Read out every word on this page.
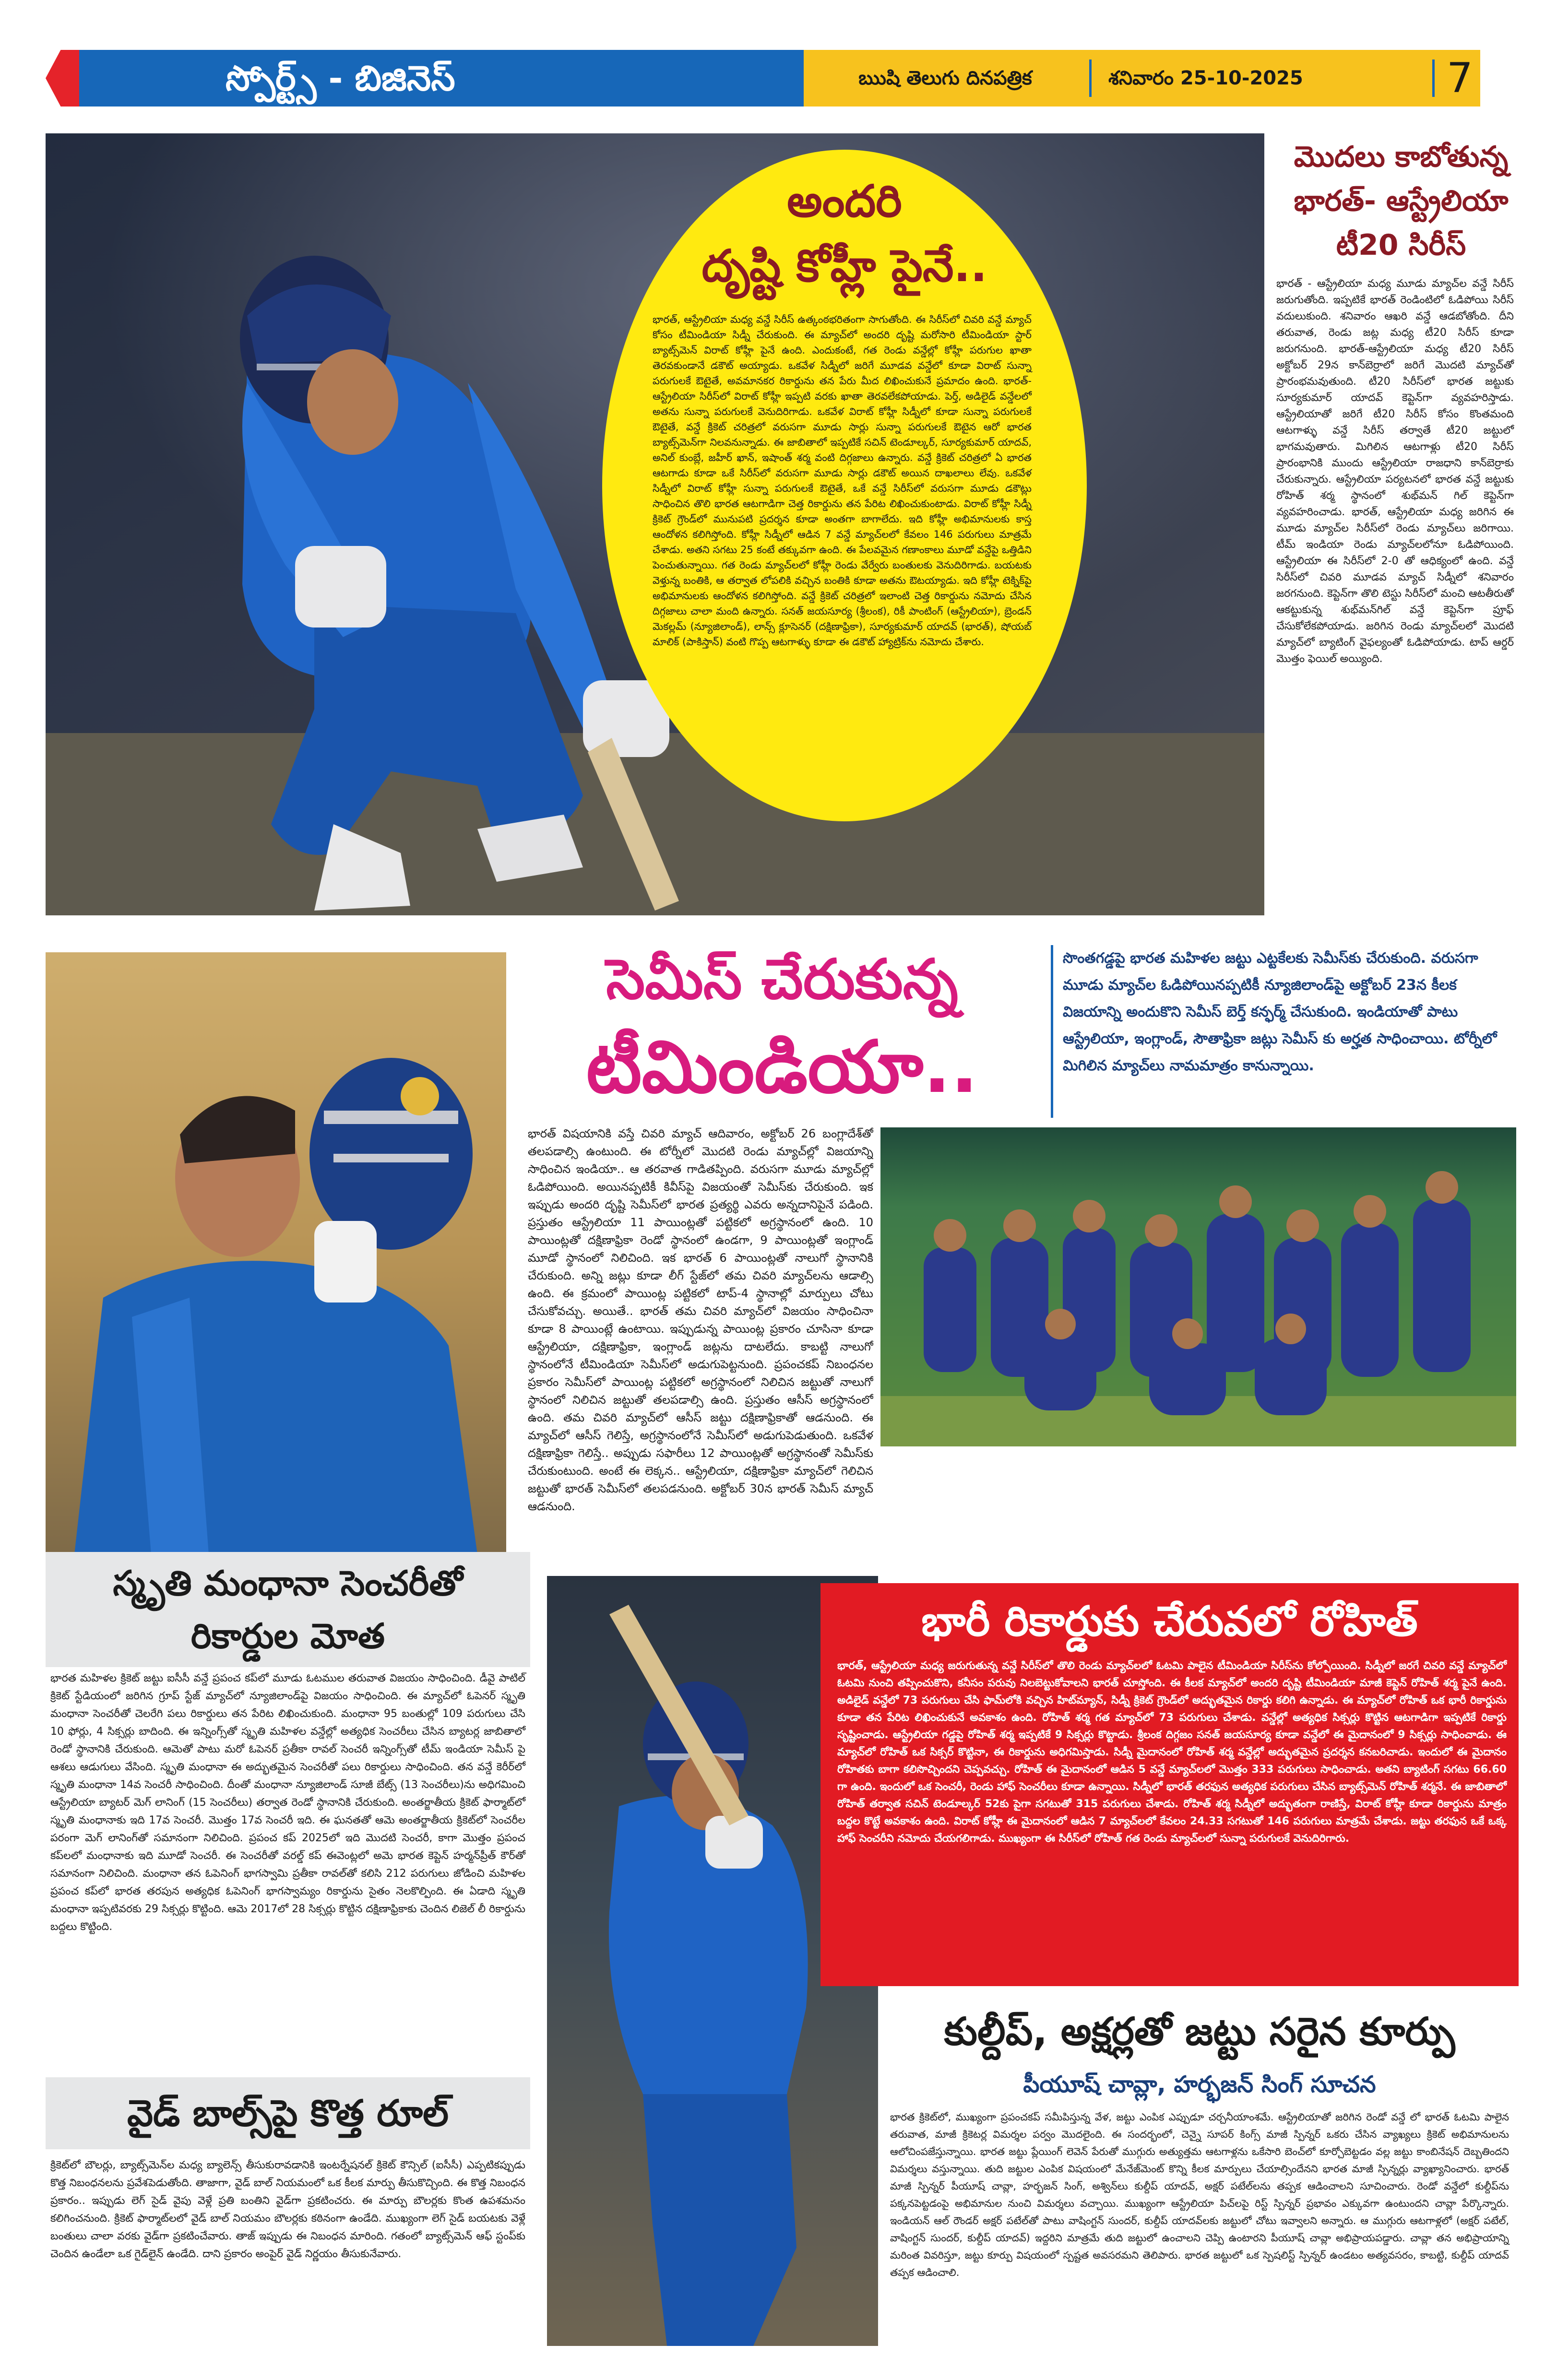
స్పోర్ట్స్ - బిజినెస్	ఋషి తెలుగు దినపత్రిక	శనివారం 25-10-2025	7
అందరి
దృష్టి కోహ్లీ పైనే..

భారత్, ఆస్ట్రేలియా మధ్య వన్డే సిరీస్ ఉత్కంఠభరితంగా సాగుతోంది. ఈ సిరీస్‌లో చివరి వన్డే మ్యాచ్ కోసం టీమిండియా సిడ్నీ చేరుకుంది. ఈ మ్యాచ్‌లో అందరి దృష్టి మరోసారి టీమిండియా స్టార్ బ్యాట్స్‌మెన్ విరాట్ కోహ్లీ పైనే ఉంది. ఎందుకంటే, గత రెండు వన్డేల్లో కోహ్లీ పరుగుల ఖాతా తెరవకుండానే డకౌట్ అయ్యాడు. ఒకవేళ సిడ్నీలో జరిగే మూడవ వన్డేలో కూడా విరాట్ సున్నా పరుగులకే ఔటైతే, అవమానకర రికార్డును తన పేరు మీద లిఖించుకునే ప్రమాదం ఉంది. భారత్-ఆస్ట్రేలియా సిరీస్‌లో విరాట్ కోహ్లీ ఇప్పటి వరకు ఖాతా తెరవలేకపోయాడు. పెర్త్, అడిలైడ్ వన్డేలలో అతను సున్నా పరుగులకే వెనుదిరిగాడు. ఒకవేళ విరాట్ కోహ్లీ సిడ్నీలో కూడా సున్నా పరుగులకే ఔటైతే, వన్డే క్రికెట్ చరిత్రలో వరుసగా మూడు సార్లు సున్నా పరుగులకే ఔటైన ఆరో భారత బ్యాట్స్‌మెన్‌గా నిలవనున్నాడు. ఈ జాబితాలో ఇప్పటికే సచిన్ టెండూల్కర్, సూర్యకుమార్ యాదవ్, అనిల్ కుంబ్లే, జహీర్ ఖాన్, ఇషాంత్ శర్మ వంటి దిగ్గజాలు ఉన్నారు. వన్డే క్రికెట్ చరిత్రలో ఏ భారత ఆటగాడు కూడా ఒకే సిరీస్‌లో వరుసగా మూడు సార్లు డకౌట్ అయిన దాఖలాలు లేవు. ఒకవేళ సిడ్నీలో విరాట్ కోహ్లీ సున్నా పరుగులకే ఔటైతే, ఒకే వన్డే సిరీస్‌లో వరుసగా మూడు డకౌట్లు సాధించిన తొలి భారత ఆటగాడిగా చెత్త రికార్డును తన పేరిట లిఖించుకుంటాడు. విరాట్ కోహ్లీ సిడ్నీ క్రికెట్ గ్రౌండ్‌లో మునుపటి ప్రదర్శన కూడా అంతగా బాగాలేదు. ఇది కోహ్లీ అభిమానులకు కాస్త ఆందోళన కలిగిస్తోంది. కోహ్లీ సిడ్నీలో ఆడిన 7 వన్డే మ్యాచ్‌లలో కేవలం 146 పరుగులు మాత్రమే చేశాడు. అతని సగటు 25 కంటే తక్కువగా ఉంది. ఈ పేలవమైన గణాంకాలు మూడో వన్డేపై ఒత్తిడిని పెంచుతున్నాయి. గత రెండు మ్యాచ్‌లలో కోహ్లీ రెండు వేర్వేరు బంతులకు వెనుదిరిగాడు. బయటకు వెళ్తున్న బంతికి, ఆ తర్వాత లోపలికి వచ్చిన బంతికి కూడా అతను ఔటయ్యాడు. ఇది కోహ్లీ టెక్నిక్‌పై అభిమానులకు ఆందోళన కలిగిస్తోంది. వన్డే క్రికెట్ చరిత్రలో ఇలాంటి చెత్త రికార్డును నమోదు చేసిన దిగ్గజాలు చాలా మంది ఉన్నారు. సనత్ జయసూర్య (శ్రీలంక), రికీ పాంటింగ్ (ఆస్ట్రేలియా), బ్రెండన్ మెకల్లమ్ (న్యూజిలాండ్), లాన్స్ క్లూసెనర్ (దక్షిణాఫ్రికా), సూర్యకుమార్ యాదవ్ (భారత్), షోయబ్ మాలిక్ (పాకిస్తాన్) వంటి గొప్ప ఆటగాళ్ళు కూడా ఈ డకౌట్ హ్యాట్రిక్‌ను నమోదు చేశారు.

మొదలు కాబోతున్న
భారత్- ఆస్ట్రేలియా
టీ20 సిరీస్

భారత్ - ఆస్ట్రేలియా మధ్య మూడు మ్యాచ్‌ల వన్డే సిరీస్ జరుగుతోంది. ఇప్పటికే భారత్ రెండింటిలో ఓడిపోయి సిరీస్ వదులుకుంది. శనివారం ఆఖరి వన్డే ఆడబోతోంది. దీని తరువాత, రెండు జట్ల మధ్య టీ20 సిరీస్ కూడా జరుగనుంది. భారత్-ఆస్ట్రేలియా మధ్య టీ20 సిరీస్ అక్టోబర్ 29న కాన్‌బెర్రాలో జరిగే మొదటి మ్యాచ్‌తో ప్రారంభమవుతుంది. టీ20 సిరీస్‌లో భారత జట్టుకు సూర్యకుమార్ యాదవ్ కెప్టెన్‌గా వ్యవహరిస్తాడు. ఆస్ట్రేలియాతో జరిగే టీ20 సిరీస్ కోసం కొంతమంది ఆటగాళ్ళు వన్డే సిరీస్ తర్వాతే టీ20 జట్టులో భాగమవుతారు. మిగిలిన ఆటగాళ్లు టీ20 సిరీస్ ప్రారంభానికి ముందు ఆస్ట్రేలియా రాజధాని కాన్‌బెర్రాకు చేరుకున్నారు. ఆస్ట్రేలియా పర్యటనలో భారత వన్డే జట్టుకు రోహిత్ శర్మ స్థానంలో శుభ్‌మన్ గిల్ కెప్టెన్‌గా వ్యవహరించాడు. భారత్, ఆస్ట్రేలియా మధ్య జరిగిన ఈ మూడు మ్యాచ్‌ల సిరీస్‌లో రెండు మ్యాచ్‌లు జరిగాయి. టీమ్ ఇండియా రెండు మ్యాచ్‌లలోనూ ఓడిపోయింది. ఆస్ట్రేలియా ఈ సిరీస్‌లో 2-0 తో ఆధిక్యంలో ఉంది. వన్డే సిరీస్‌లో చివరి మూడవ మ్యాచ్ సిడ్నీలో శనివారం జరగనుంది. కెప్టెన్‌గా తొలి టెస్టు సిరీస్‌లో మంచి ఆటతీరుతో ఆకట్టుకున్న శుభ్‌మన్‌గిల్ వన్డే కెప్టెన్‌గా ప్రూఫ్ చేసుకోలేకపోయాడు. జరిగిన రెండు మ్యాచ్‌లలో మొదటి మ్యాచ్‌లో బ్యాటింగ్ వైఫల్యంతో ఓడిపోయాడు. టాప్ ఆర్డర్ మొత్తం ఫెయిల్ అయ్యింది.

సెమీస్ చేరుకున్న
టీమిండియా..

సొంతగడ్డపై భారత మహిళల జట్టు ఎట్టకేలకు సెమీస్‌కు చేరుకుంది. వరుసగా మూడు మ్యాచ్‌ల ఓడిపోయినప్పటికీ న్యూజిలాండ్‌పై అక్టోబర్ 23న కీలక విజయాన్ని అందుకొని సెమీస్ బెర్త్ కన్ఫర్మ్ చేసుకుంది. ఇండియాతో పాటు ఆస్ట్రేలియా, ఇంగ్లాండ్, సౌతాఫ్రికా జట్లు సెమీస్ కు అర్హత సాధించాయి. టోర్నీలో మిగిలిన మ్యాచ్‌లు నామమాత్రం కానున్నాయి.

భారత్ విషయానికి వస్తే చివరి మ్యాచ్ ఆదివారం, అక్టోబర్ 26 బంగ్లాదేశ్‌తో తలపడాల్సి ఉంటుంది. ఈ టోర్నీలో మొదటి రెండు మ్యాచ్‌ల్లో విజయాన్ని సాధించిన ఇండియా.. ఆ తరవాత గాడితప్పింది. వరుసగా మూడు మ్యాచ్‌ల్లో ఓడిపోయింది. అయినప్పటికీ కివీస్‌పై విజయంతో సెమీస్‌కు చేరుకుంది. ఇక ఇప్పుడు అందరి దృష్టి సెమీస్‌లో భారత ప్రత్యర్థి ఎవరు అన్నదానిపైనే పడింది. ప్రస్తుతం ఆస్ట్రేలియా 11 పాయింట్లతో పట్టికలో అగ్రస్థానంలో ఉంది. 10 పాయింట్లతో దక్షిణాఫ్రికా రెండో స్థానంలో ఉండగా, 9 పాయింట్లతో ఇంగ్లాండ్ మూడో స్థానంలో నిలిచింది. ఇక భారత్ 6 పాయింట్లతో నాలుగో స్థానానికి చేరుకుంది. అన్ని జట్లు కూడా లీగ్ స్టేజ్‌లో తమ చివరి మ్యాచ్‌లను ఆడాల్సి ఉంది. ఈ క్రమంలో పాయింట్ల పట్టికలో టాప్-4 స్థానాల్లో మార్పులు చోటు చేసుకోవచ్చు. అయితే.. భారత్ తమ చివరి మ్యాచ్‌లో విజయం సాధించినా కూడా 8 పాయింట్లే ఉంటాయి. ఇప్పుడున్న పాయింట్ల ప్రకారం చూసినా కూడా ఆస్ట్రేలియా, దక్షిణాఫ్రికా, ఇంగ్లాండ్ జట్లను దాటలేదు. కాబట్టి నాలుగో స్థానంలోనే టీమిండియా సెమీస్‌లో అడుగుపెట్టనుంది. ప్రపంచకప్ నిబంధనల ప్రకారం సెమీస్‌లో పాయింట్ల పట్టికలో అగ్రస్థానంలో నిలిచిన జట్టుతో నాలుగో స్థానంలో నిలిచిన జట్టుతో తలపడాల్సి ఉంది. ప్రస్తుతం ఆసీస్ అగ్రస్థానంలో ఉంది. తమ చివరి మ్యాచ్‌లో ఆసీస్ జట్టు దక్షిణాఫ్రికాతో ఆడనుంది. ఈ మ్యాచ్‌లో ఆసీస్ గెలిస్తే, అగ్రస్థానంలోనే సెమీస్‌లో అడుగుపెడుతుంది. ఒకవేళ దక్షిణాఫ్రికా గెలిస్తే.. అప్పుడు సఫారీలు 12 పాయింట్లతో అగ్రస్థానంతో సెమీస్‌కు చేరుకుంటుంది. అంటే ఈ లెక్కన.. ఆస్ట్రేలియా, దక్షిణాఫ్రికా మ్యాచ్‌లో గెలిచిన జట్టుతో భారత్ సెమీస్‌లో తలపడనుంది. అక్టోబర్ 30న భారత్ సెమీస్ మ్యాచ్ ఆడనుంది.

స్మృతి మంధానా సెంచరీతో
రికార్డుల మోత

భారత మహిళల క్రికెట్ జట్టు ఐసీసీ వన్డే ప్రపంచ కప్‌లో మూడు ఓటముల తరువాత విజయం సాధించింది. డీవై పాటిల్ క్రికెట్ స్టేడియంలో జరిగిన గ్రూప్ స్టేజ్ మ్యాచ్‌లో న్యూజిలాండ్‌పై విజయం సాధించింది. ఈ మ్యాచ్‌లో ఓపెనర్ స్మృతి మంధానా సెంచరీతో చెలరేగి పలు రికార్డులు తన పేరిట లిఖించుకుంది. మంధానా 95 బంతుల్లో 109 పరుగులు చేసి 10 ఫోర్లు, 4 సిక్సర్లు బాదింది. ఈ ఇన్నింగ్స్‌తో స్మృతి మహిళల వన్డేల్లో అత్యధిక సెంచరీలు చేసిన బ్యాటర్ల జాబితాలో రెండో స్థానానికి చేరుకుంది. ఆమెతో పాటు మరో ఓపెనర్ ప్రతీకా రావల్ సెంచరీ ఇన్నింగ్స్‌తో టీమ్ ఇండియా సెమీస్ పై ఆశలు ఆడుగులు వేసింది. స్మృతి మంధానా ఈ అద్భుతమైన సెంచరీతో పలు రికార్డులు సాధించింది. తన వన్డే కెరీర్‌లో స్మృతి మంధానా 14వ సెంచరీ సాధించింది. దీంతో మంధానా న్యూజిలాండ్ సూజీ బేట్స్ (13 సెంచరీలు)ను అధిగమించి ఆస్ట్రేలియా బ్యాటర్ మెగ్ లానింగ్ (15 సెంచరీలు) తర్వాత రెండో స్థానానికి చేరుకుంది. అంతర్జాతీయ క్రికెట్ ఫార్మాట్‌లో స్మృతి మంధానాకు ఇది 17వ సెంచరీ. మొత్తం 17వ సెంచరీ ఇది. ఈ ఘనతతో ఆమె అంతర్జాతీయ క్రికెట్‌లో సెంచరీల పరంగా మెగ్ లానింగ్‌తో సమానంగా నిలిచింది. ప్రపంచ కప్ 2025లో ఇది మొదటి సెంచరీ, కాగా మొత్తం ప్రపంచ కప్‌లలో మంధానాకు ఇది మూడో సెంచరీ. ఈ సెంచరీతో వరల్డ్ కప్ ఈవెంట్లలో అమె భారత కెప్టెన్ హర్మన్‌ప్రీత్ కౌర్‌తో సమానంగా నిలిచింది. మంధానా తన ఓపెనింగ్ భాగస్వామి ప్రతీకా రావల్‌తో కలిసి 212 పరుగులు జోడించి మహిళల ప్రపంచ కప్‌లో భారత తరపున అత్యధిక ఓపెనింగ్ భాగస్వామ్యం రికార్డును సైతం నెలకొల్పింది. ఈ ఏడాది స్మృతి మంధానా ఇప్పటివరకు 29 సిక్సర్లు కొట్టింది. ఆమె 2017లో 28 సిక్సర్లు కొట్టిన దక్షిణాఫ్రికాకు చెందిన లిజెల్ లీ రికార్డును బద్దలు కొట్టింది.

వైడ్ బాల్స్‌పై కొత్త రూల్

క్రికెట్‌లో బౌలర్లు, బ్యాట్స్‌మెన్‌ల మధ్య బ్యాలెన్స్ తీసుకురావడానికి ఇంటర్నేషనల్ క్రికెట్ కౌన్సిల్ (ఐసీసీ) ఎప్పటికప్పుడు కొత్త నిబంధనలను ప్రవేశపెడుతోంది. తాజాగా, వైడ్ బాల్ నియమంలో ఒక కీలక మార్పు తీసుకొచ్చింది. ఈ కొత్త నిబంధన ప్రకారం.. ఇప్పుడు లెగ్ సైడ్ వైపు వెళ్లే ప్రతి బంతిని వైడ్‌గా ప్రకటించరు. ఈ మార్పు బౌలర్లకు కొంత ఉపశమనం కలిగించనుంది. క్రికెట్ ఫార్మాట్‌లలో వైడ్ బాల్ నియమం బౌలర్లకు కఠినంగా ఉండేది. ముఖ్యంగా లెగ్ సైడ్ బయటకు వెళ్లే బంతులు చాలా వరకు వైడ్‌గా ప్రకటించేవారు. తాజ్ ఇప్పుడు ఈ నిబంధన మారింది. గతంలో బ్యాట్స్‌మెన్ ఆఫ్ స్టంప్‌కు చెందిన ఉండేలా ఒక గైడ్‌లైన్ ఉండేది. దాని ప్రకారం అంపైర్ వైడ్ నిర్ణయం తీసుకునేవారు.

భారీ రికార్డుకు చేరువలో రోహిత్

భారత్, ఆస్ట్రేలియా మధ్య జరుగుతున్న వన్డే సిరీస్‌లో తొలి రెండు మ్యాచ్‌లలో ఓటమి పాలైన టీమిండియా సిరీస్‌ను కోల్పోయింది. సిడ్నీలో జరగే చివరి వన్డే మ్యాచ్‌లో ఓటమి నుంచి తప్పించుకొని, కనీసం పరువు నిలబెట్టుకోవాలని భారత్ చూస్తోంది. ఈ కీలక మ్యాచ్‌లో అందరి దృష్టి టీమిండియా మాజీ కెప్టెన్ రోహిత్ శర్మ పైనే ఉంది. అడిలైడ్ వన్డేలో 73 పరుగులు చేసి ఫామ్‌లోకి వచ్చిన హిట్‌మ్యాన్, సిడ్నీ క్రికెట్ గ్రౌండ్‌లో అద్భుతమైన రికార్డు కలిగి ఉన్నాడు. ఈ మ్యాచ్‌లో రోహిత్ ఒక భారీ రికార్డును కూడా తన పేరిట లిఖించుకునే అవకాశం ఉంది. రోహిత్ శర్మ గత మ్యాచ్‌లో 73 పరుగులు చేశాడు. వన్డేల్లో అత్యధిక సిక్సర్లు కొట్టిన ఆటగాడిగా ఇప్పటికే రికార్డు సృష్టించాడు. ఆస్ట్రేలియా గడ్డపై రోహిత్ శర్మ ఇప్పటికే 9 సిక్సర్లు కొట్టాడు. శ్రీలంక దిగ్గజం సనత్ జయసూర్య కూడా వన్డేలో ఈ మైదానంలో 9 సిక్సర్లు సాధించాడు. ఈ మ్యాచ్‌లో రోహిత్ ఒక సిక్సర్ కొట్టినా, ఈ రికార్డును అధిగమిస్తాడు. సిడ్నీ మైదానంలో రోహిత్ శర్మ వన్డేల్లో అద్భుతమైన ప్రదర్శన కనబరిచాడు. ఇందులో ఈ మైదానం రోహితకు బాగా కలిసొచ్చిందని చెప్పవచ్చు. రోహిత్ ఈ మైదానంలో ఆడిన 5 వన్డే మ్యాచ్‌లలో మొత్తం 333 పరుగులు సాధించాడు. అతని బ్యాటింగ్ సగటు 66.60 గా ఉంది. ఇందులో ఒక సెంచరీ, రెండు హాఫ్ సెంచరీలు కూడా ఉన్నాయి. సిడ్నీలో భారత్ తరఫున అత్యధిక పరుగులు చేసిన బ్యాట్స్‌మెన్ రోహిత్ శర్మనే. ఈ జాబితాలో రోహిత్ తర్వాత సచిన్ టెండూల్కర్ 52కు పైగా సగటుతో 315 పరుగులు చేశాడు. రోహిత్ శర్మ సిడ్నీలో అద్భుతంగా రాణిస్తే, విరాట్ కోహ్లీ కూడా రికార్డును మాత్రం బద్దల కొట్టే అవకాశం ఉంది. విరాట్ కోహ్లీ ఈ మైదానంలో ఆడిన 7 మ్యాచ్‌లలో కేవలం 24.33 సగటుతో 146 పరుగులు మాత్రమే చేశాడు. జట్టు తరఫున ఒకే ఒక్క హాఫ్ సెంచరీని నమోదు చేయగలిగాడు. ముఖ్యంగా ఈ సిరీస్‌లో రోహిత్ గత రెండు మ్యాచ్‌లలో సున్నా పరుగులకే వెనుదిరిగారు.

కుల్దీప్, అక్షర్లతో జట్టు సరైన కూర్పు
పీయూష్ చావ్లా, హర్భజన్ సింగ్ సూచన

భారత క్రికెట్‌లో, ముఖ్యంగా ప్రపంచకప్ సమీపిస్తున్న వేళ, జట్టు ఎంపిక ఎప్పుడూ చర్చనీయాంశమే. ఆస్ట్రేలియాతో జరిగిన రెండో వన్డే లో భారత్ ఓటమి పాలైన తరువాత, మాజీ క్రికెటర్ల విమర్శల పర్వం మొదలైంది. ఈ సందర్భంలో, చెన్నై సూపర్ కింగ్స్ మాజీ స్పిన్నర్ ఒకరు చేసిన వ్యాఖ్యలు క్రికెట్ అభిమానులను ఆలోచింపజేస్తున్నాయి. భారత జట్టు ప్లేయింగ్ లెవెన్‌ పేరుతో ముగ్గురు అత్యుత్తమ ఆటగాళ్లను ఒకేసారి బెంచ్‌లో కూర్చోబెట్టడం వల్ల జట్టు కాంబినేషన్ దెబ్బతిందని విమర్శలు వస్తున్నాయి. తుది జట్టుల ఎంపిక విషయంలో మేనేజ్‌మెంట్ కొన్ని కీలక మార్పులు చేయాల్సిందేనని భారత మాజీ స్పిన్నర్లు వ్యాఖ్యానించారు. భారత్ మాజీ స్పిన్నర్ పీయూష్ చావ్లా, హర్భజన్ సింగ్, అశ్విన్‌లు కుల్దీప్ యాదవ్, అక్షర్ పటేల్‌లను తప్పక ఆడించాలని సూచించారు. రెండో వన్డేలో కుల్దీప్‌ను పక్కనపెట్టడంపై అభిమానుల నుంచి విమర్శలు వచ్చాయి. ముఖ్యంగా ఆస్ట్రేలియా పిచ్‌లపై రిస్ట్ స్పిన్నర్ ప్రభావం ఎక్కువగా ఉంటుందని చావ్లా పేర్కొన్నారు. ఇండియన్ ఆల్ రౌండర్ అక్షర్ పటేల్‌తో పాటు వాషింగ్టన్ సుందర్, కుల్దీప్ యాదవ్‌లకు జట్టులో చోటు ఇవ్వాలని అన్నారు. ఆ ముగ్గురు ఆటగాళ్లలో (అక్షర్ పటేల్, వాషింగ్టన్ సుందర్, కుల్దీప్ యాదవ్) ఇద్దరిని మాత్రమే తుది జట్టులో ఉంచాలని చెప్పి ఉంటారని పీయూష్ చావ్లా అభిప్రాయపడ్డారు. చావ్లా తన అభిప్రాయాన్ని మరింత వివరిస్తూ, జట్టు కూర్పు విషయంలో స్పష్టత అవసరమని తెలిపారు. భారత జట్టులో ఒక స్పెషలిస్ట్ స్పిన్నర్ ఉండటం అత్యవసరం, కాబట్టి, కుల్దీప్ యాదవ్ తప్పక ఆడించాలి.
